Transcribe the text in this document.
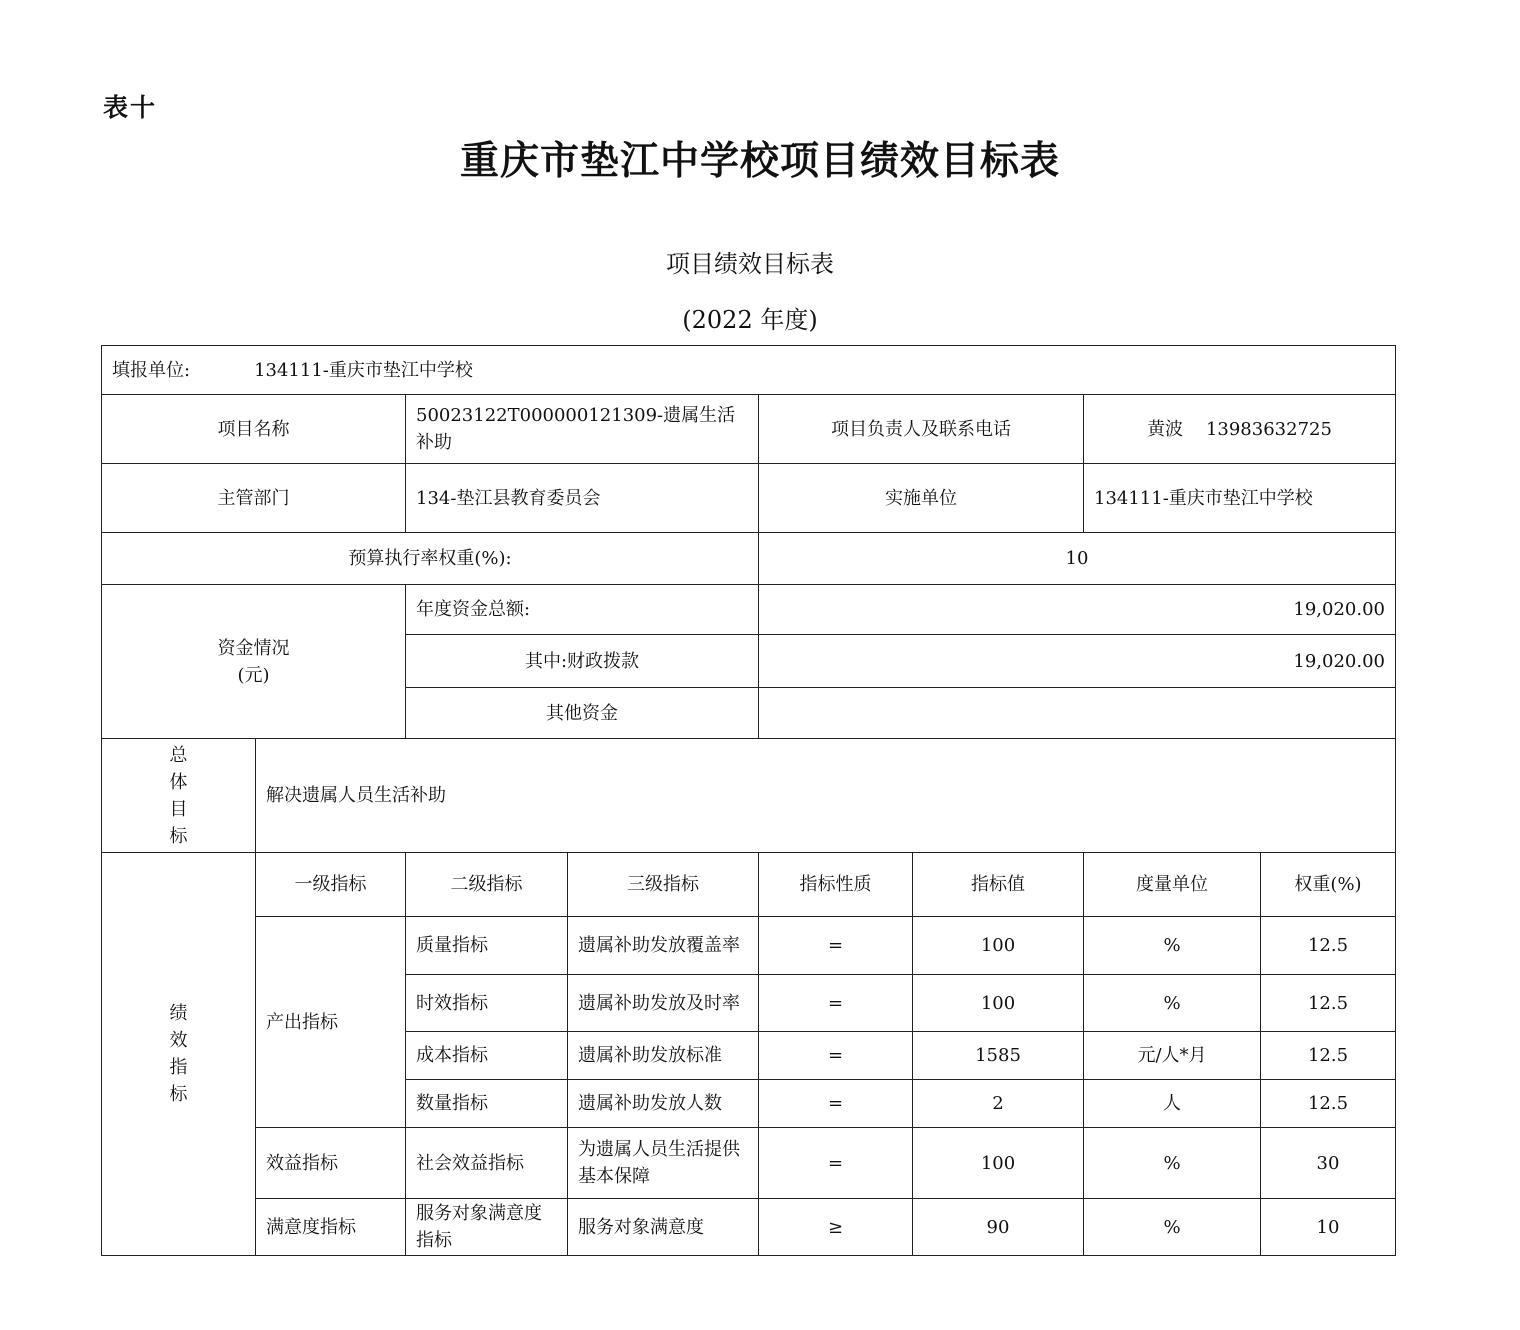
表十
重庆市垫江中学校项目绩效目标表
项目绩效目标表
(2022 年度)
填报单位: 134111-重庆市垫江中学校							
项目名称		50023122T000000121309-遗属生活补助		项目负责人及联系电话		黄波    13983632725	
主管部门		134-垫江县教育委员会		实施单位		134111-重庆市垫江中学校	
预算执行率权重(%):				10			

资金情况
(元)		年度资金总额:		19,020.00			
		其中:财政拨款		19,020.00			
		其他资金					

总
体
目
标	解决遗属人员生活补助						

绩
效
指
标	一级指标	二级指标	三级指标	指标性质	指标值	度量单位	权重(%)
	产出指标	质量指标	遗属补助发放覆盖率	=	100	%	12.5
		时效指标	遗属补助发放及时率	=	100	%	12.5
		成本指标	遗属补助发放标准	=	1585	元/人*月	12.5
		数量指标	遗属补助发放人数	=	2	人	12.5
	效益指标	社会效益指标	为遗属人员生活提供基本保障	=	100	%	30
	满意度指标	服务对象满意度指标	服务对象满意度	≥	90	%	10
